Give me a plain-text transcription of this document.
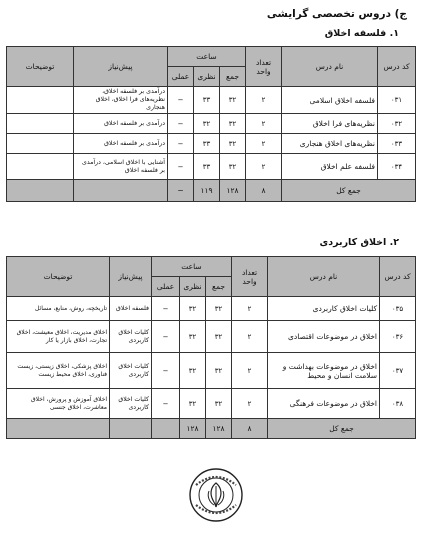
ج) دروس تخصصی گرایشی
۱. فلسفه اخلاق
کد درس	نام درس	تعداد واحد	ساعت			پیش‌نیاز	توضیحات
			جمع	نظری	عملی		
۰۳۱	فلسفه اخلاق اسلامی	۲	۳۲	۳۳	−	درآمدی بر فلسفه اخلاق، نظریه‌های فرا اخلاق، اخلاق هنجاری	
۰۳۲	نظریه‌های فرا اخلاق	۲	۳۲	۳۲	−	درآمدی بر فلسفه اخلاق	
۰۳۳	نظریه‌های اخلاق هنجاری	۲	۳۲	۳۳	−	درآمدی بر فلسفه اخلاق	
۰۳۴	فلسفه علم اخلاق	۲	۳۲	۳۳	−	آشنایی با اخلاق اسلامی، درآمدی بر فلسفه اخلاق	
جمع کل		۸	۱۲۸	۱۱۹	−		
۲. اخلاق کاربردی
کد درس	نام درس	تعداد واحد	ساعت			پیش‌نیاز	توضیحات
			جمع	نظری	عملی		
۰۳۵	کلیات اخلاق کاربردی	۲	۳۲	۳۲	−	فلسفه اخلاق	تاریخچه، روش، منابع، مسائل
۰۳۶	اخلاق در موضوعات اقتصادی	۲	۳۲	۳۲	−	کلیات اخلاق کاربردی	اخلاق مدیریت، اخلاق معیشت، اخلاق تجارت، اخلاق بازار یا کار
۰۳۷	اخلاق در موضوعات بهداشت و سلامت انسان و محیط	۲	۳۲	۳۲	−	کلیات اخلاق کاربردی	اخلاق پزشکی، اخلاق زیستی، زیست فناوری، اخلاق محیط زیست
۰۳۸	اخلاق در موضوعات فرهنگی	۲	۳۲	۳۲	−	کلیات اخلاق کاربردی	اخلاق آموزش و پرورش، اخلاق معاشرت، اخلاق جنسی
جمع کل		۸	۱۲۸	۱۲۸			
